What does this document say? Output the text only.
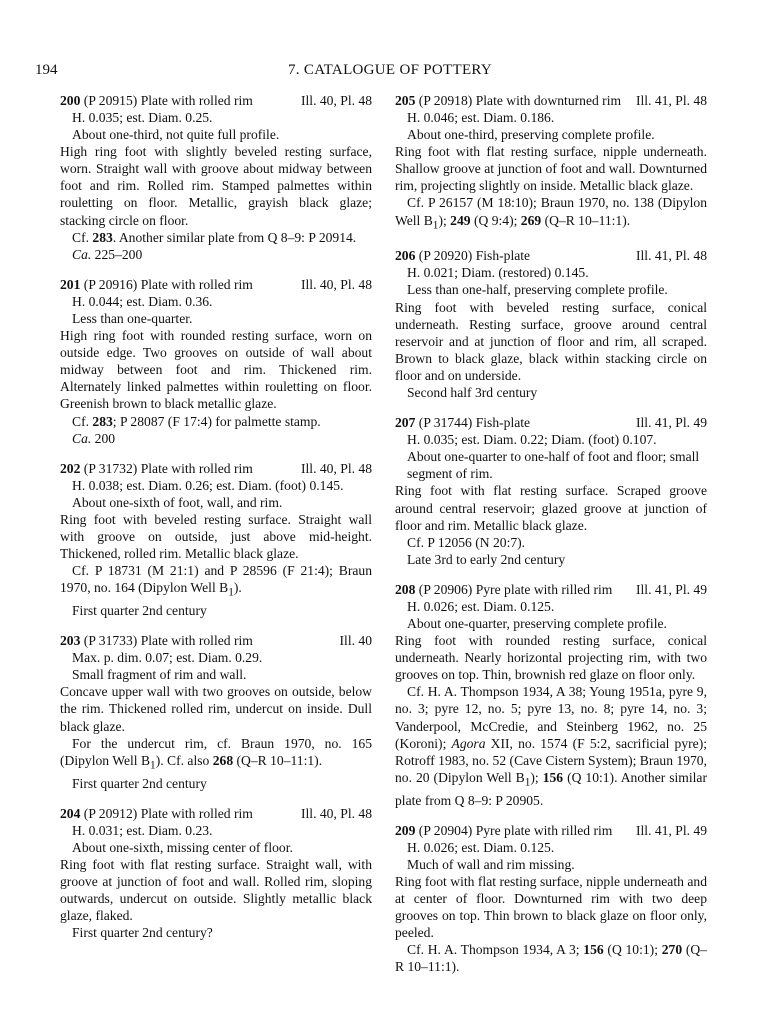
194	7. CATALOGUE OF POTTERY
200 (P 20915) Plate with rolled rim	Ill. 40, Pl. 48

H. 0.035; est. Diam. 0.25.

About one-third, not quite full profile.

High ring foot with slightly beveled resting surface, worn. Straight wall with groove about midway between foot and rim. Rolled rim. Stamped palmettes within rouletting on floor. Metallic, grayish black glaze; stacking circle on floor.

Cf. 283. Another similar plate from Q 8–9: P 20914.

Ca. 225–200

201 (P 20916) Plate with rolled rim	Ill. 40, Pl. 48

H. 0.044; est. Diam. 0.36.

Less than one-quarter.

High ring foot with rounded resting surface, worn on outside edge. Two grooves on outside of wall about midway between foot and rim. Thickened rim. Alternately linked palmettes within rouletting on floor. Greenish brown to black metallic glaze.

Cf. 283; P 28087 (F 17:4) for palmette stamp.

Ca. 200

202 (P 31732) Plate with rolled rim	Ill. 40, Pl. 48

H. 0.038; est. Diam. 0.26; est. Diam. (foot) 0.145.

About one-sixth of foot, wall, and rim.

Ring foot with beveled resting surface. Straight wall with groove on outside, just above mid-height. Thickened, rolled rim. Metallic black glaze.

Cf. P 18731 (M 21:1) and P 28596 (F 21:4); Braun 1970, no. 164 (Dipylon Well $B_1$).

First quarter 2nd century

203 (P 31733) Plate with rolled rim	Ill. 40

Max. p. dim. 0.07; est. Diam. 0.29.

Small fragment of rim and wall.

Concave upper wall with two grooves on outside, below the rim. Thickened rolled rim, undercut on inside. Dull black glaze.

For the undercut rim, cf. Braun 1970, no. 165 (Dipylon Well $B_1$). Cf. also 268 (Q–R 10–11:1).

First quarter 2nd century

204 (P 20912) Plate with rolled rim	Ill. 40, Pl. 48

H. 0.031; est. Diam. 0.23.

About one-sixth, missing center of floor.

Ring foot with flat resting surface. Straight wall, with groove at junction of foot and wall. Rolled rim, sloping outwards, undercut on outside. Slightly metallic black glaze, flaked.

First quarter 2nd century?

205 (P 20918) Plate with downturned rim Ill. 41, Pl. 48

H. 0.046; est. Diam. 0.186.

About one-third, preserving complete profile.

Ring foot with flat resting surface, nipple underneath. Shallow groove at junction of foot and wall. Downturned rim, projecting slightly on inside. Metallic black glaze.

Cf. P 26157 (M 18:10); Braun 1970, no. 138 (Dipylon Well $B_1$); 249 (Q 9:4); 269 (Q–R 10–11:1).

206 (P 20920) Fish-plate	Ill. 41, Pl. 48

H. 0.021; Diam. (restored) 0.145.

Less than one-half, preserving complete profile.

Ring foot with beveled resting surface, conical underneath. Resting surface, groove around central reservoir and at junction of floor and rim, all scraped. Brown to black glaze, black within stacking circle on floor and on underside.

Second half 3rd century

207 (P 31744) Fish-plate	Ill. 41, Pl. 49

H. 0.035; est. Diam. 0.22; Diam. (foot) 0.107.

About one-quarter to one-half of foot and floor; small segment of rim.

Ring foot with flat resting surface. Scraped groove around central reservoir; glazed groove at junction of floor and rim. Metallic black glaze.

Cf. P 12056 (N 20:7).

Late 3rd to early 2nd century

208 (P 20906) Pyre plate with rilled rim Ill. 41, Pl. 49

H. 0.026; est. Diam. 0.125.

About one-quarter, preserving complete profile.

Ring foot with rounded resting surface, conical underneath. Nearly horizontal projecting rim, with two grooves on top. Thin, brownish red glaze on floor only.

Cf. H. A. Thompson 1934, A 38; Young 1951a, pyre 9, no. 3; pyre 12, no. 5; pyre 13, no. 8; pyre 14, no. 3; Vanderpool, McCredie, and Steinberg 1962, no. 25 (Koroni); Agora XII, no. 1574 (F 5:2, sacrificial pyre); Rotroff 1983, no. 52 (Cave Cistern System); Braun 1970, no. 20 (Dipylon Well $B_1$); 156 (Q 10:1). Another similar plate from Q 8–9: P 20905.

209 (P 20904) Pyre plate with rilled rim Ill. 41, Pl. 49

H. 0.026; est. Diam. 0.125.

Much of wall and rim missing.

Ring foot with flat resting surface, nipple underneath and at center of floor. Downturned rim with two deep grooves on top. Thin brown to black glaze on floor only, peeled.

Cf. H. A. Thompson 1934, A 3; 156 (Q 10:1); 270 (Q–R 10–11:1).
